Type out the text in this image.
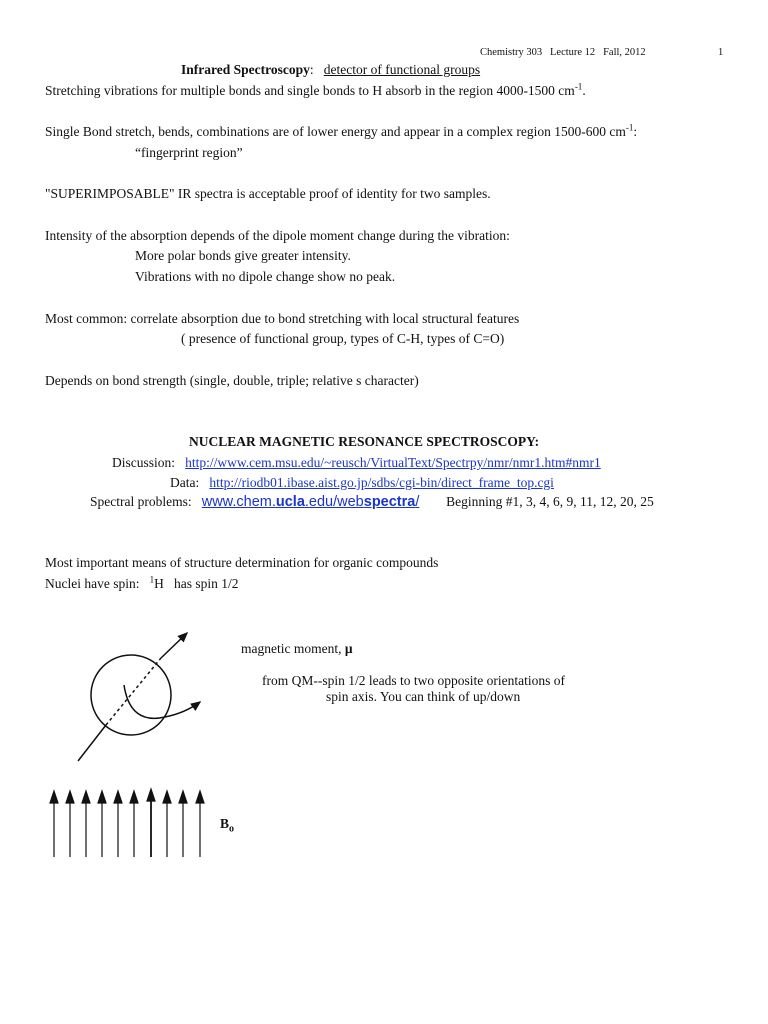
Chemistry 303 Lecture 12 Fall, 2012	1
Infrared Spectroscopy: detector of functional groups
Stretching vibrations for multiple bonds and single bonds to H absorb in the region 4000-1500 $cm^{-1}$.
Single Bond stretch, bends, combinations are of lower energy and appear in a complex region 1500-600 $cm^{-1}$:
“fingerprint region”
"SUPERIMPOSABLE" IR spectra is acceptable proof of identity for two samples.
Intensity of the absorption depends of the dipole moment change during the vibration:
More polar bonds give greater intensity.
Vibrations with no dipole change show no peak.
Most common: correlate absorption due to bond stretching with local structural features
( presence of functional group, types of C-H, types of C=O)
Depends on bond strength (single, double, triple; relative s character)
NUCLEAR MAGNETIC RESONANCE SPECTROSCOPY:
Discussion: http://www.cem.msu.edu/~reusch/VirtualText/Spectrpy/nmr/nmr1.htm#nmr1
Data: http://riodb01.ibase.aist.go.jp/sdbs/cgi-bin/direct_frame_top.cgi
Spectral problems: www.chem.ucla.edu/webspectra/ Beginning #1, 3, 4, 6, 9, 11, 12, 20, 25
Most important means of structure determination for organic compounds
Nuclei have spin: $^1$H has spin 1/2
magnetic moment, μ
from QM--spin 1/2 leads to two opposite orientations of
spin axis. You can think of up/down
$B_o$
